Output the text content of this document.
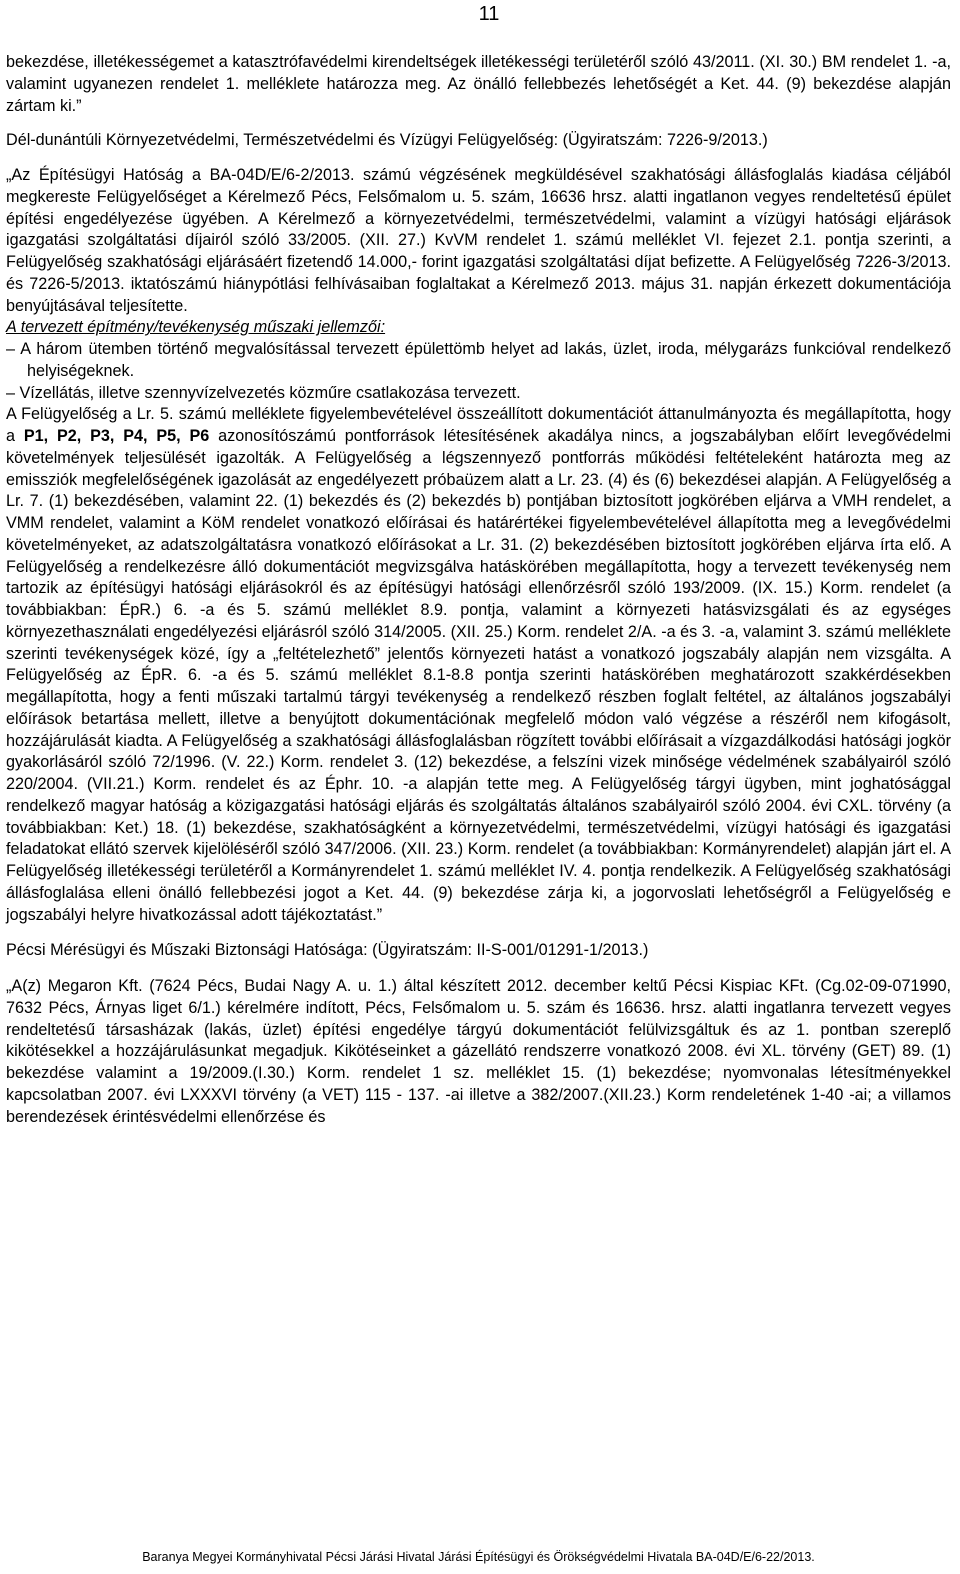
11

bekezdése, illetékességemet a katasztrófavédelmi kirendeltségek illetékességi területéről szóló 43/2011. (XI. 30.) BM rendelet 1. -a, valamint ugyanezen rendelet 1. melléklete határozza meg. Az önálló fellebbezés lehetőségét a Ket. 44. (9) bekezdése alapján zártam ki.”

Dél-dunántúli Környezetvédelmi, Természetvédelmi és Vízügyi Felügyelőség: (Ügyiratszám: 7226-9/2013.)

„Az Építésügyi Hatóság a BA-04D/E/6-2/2013. számú végzésének megküldésével szakhatósági állásfoglalás kiadása céljából megkereste Felügyelőséget a Kérelmező Pécs, Felsőmalom u. 5. szám, 16636 hrsz. alatti ingatlanon vegyes rendeltetésű épület építési engedélyezése ügyében. A Kérelmező a környezetvédelmi, természetvédelmi, valamint a vízügyi hatósági eljárások igazgatási szolgáltatási díjairól szóló 33/2005. (XII. 27.) KvVM rendelet 1. számú melléklet VI. fejezet 2.1. pontja szerinti, a Felügyelőség szakhatósági eljárásáért fizetendő 14.000,- forint igazgatási szolgáltatási díjat befizette. A Felügyelőség 7226-3/2013. és 7226-5/2013. iktatószámú hiánypótlási felhívásaiban foglaltakat a Kérelmező 2013. május 31. napján érkezett dokumentációja benyújtásával teljesítette.

A tervezett építmény/tevékenység műszaki jellemzői:

– A három ütemben történő megvalósítással tervezett épülettömb helyet ad lakás, üzlet, iroda, mélygarázs funkcióval rendelkező helyiségeknek.

– Vízellátás, illetve szennyvízelvezetés közműre csatlakozása tervezett.

A Felügyelőség a Lr. 5. számú melléklete figyelembevételével összeállított dokumentációt áttanulmányozta és megállapította, hogy a P1, P2, P3, P4, P5, P6 azonosítószámú pontforrások létesítésének akadálya nincs, a jogszabályban előírt levegővédelmi követelmények teljesülését igazolták. A Felügyelőség a légszennyező pontforrás működési feltételeként határozta meg az emissziók megfelelőségének igazolását az engedélyezett próbaüzem alatt a Lr. 23. (4) és (6) bekezdései alapján. A Felügyelőség a Lr. 7. (1) bekezdésében, valamint 22. (1) bekezdés és (2) bekezdés b) pontjában biztosított jogkörében eljárva a VMH rendelet, a VMM rendelet, valamint a KöM rendelet vonatkozó előírásai és határértékei figyelembevételével állapította meg a levegővédelmi követelményeket, az adatszolgáltatásra vonatkozó előírásokat a Lr. 31. (2) bekezdésében biztosított jogkörében eljárva írta elő. A Felügyelőség a rendelkezésre álló dokumentációt megvizsgálva hatáskörében megállapította, hogy a tervezett tevékenység nem tartozik az építésügyi hatósági eljárásokról és az építésügyi hatósági ellenőrzésről szóló 193/2009. (IX. 15.) Korm. rendelet (a továbbiakban: ÉpR.) 6. -a és 5. számú melléklet 8.9. pontja, valamint a környezeti hatásvizsgálati és az egységes környezethasználati engedélyezési eljárásról szóló 314/2005. (XII. 25.) Korm. rendelet 2/A. -a és 3. -a, valamint 3. számú melléklete szerinti tevékenységek közé, így a „feltételezhető” jelentős környezeti hatást a vonatkozó jogszabály alapján nem vizsgálta. A Felügyelőség az ÉpR. 6. -a és 5. számú melléklet 8.1-8.8 pontja szerinti hatáskörében meghatározott szakkérdésekben megállapította, hogy a fenti műszaki tartalmú tárgyi tevékenység a rendelkező részben foglalt feltétel, az általános jogszabályi előírások betartása mellett, illetve a benyújtott dokumentációnak megfelelő módon való végzése a részéről nem kifogásolt, hozzájárulását kiadta. A Felügyelőség a szakhatósági állásfoglalásban rögzített további előírásait a vízgazdálkodási hatósági jogkör gyakorlásáról szóló 72/1996. (V. 22.) Korm. rendelet 3. (12) bekezdése, a felszíni vizek minősége védelmének szabályairól szóló 220/2004. (VII.21.) Korm. rendelet és az Éphr. 10. -a alapján tette meg. A Felügyelőség tárgyi ügyben, mint joghatósággal rendelkező magyar hatóság a közigazgatási hatósági eljárás és szolgáltatás általános szabályairól szóló 2004. évi CXL. törvény (a továbbiakban: Ket.) 18. (1) bekezdése, szakhatóságként a környezetvédelmi, természetvédelmi, vízügyi hatósági és igazgatási feladatokat ellátó szervek kijelöléséről szóló 347/2006. (XII. 23.) Korm. rendelet (a továbbiakban: Kormányrendelet) alapján járt el. A Felügyelőség illetékességi területéről a Kormányrendelet 1. számú melléklet IV. 4. pontja rendelkezik. A Felügyelőség szakhatósági állásfoglalása elleni önálló fellebbezési jogot a Ket. 44. (9) bekezdése zárja ki, a jogorvoslati lehetőségről a Felügyelőség e jogszabályi helyre hivatkozással adott tájékoztatást.”

Pécsi Mérésügyi és Műszaki Biztonsági Hatósága: (Ügyiratszám: II-S-001/01291-1/2013.)

„A(z) Megaron Kft. (7624 Pécs, Budai Nagy A. u. 1.) által készített 2012. december keltű Pécsi Kispiac KFt. (Cg.02-09-071990, 7632 Pécs, Árnyas liget 6/1.) kérelmére indított, Pécs, Felsőmalom u. 5. szám és 16636. hrsz. alatti ingatlanra tervezett vegyes rendeltetésű társasházak (lakás, üzlet) építési engedélye tárgyú dokumentációt felülvizsgáltuk és az 1. pontban szereplő kikötésekkel a hozzájárulásunkat megadjuk. Kikötéseinket a gázellátó rendszerre vonatkozó 2008. évi XL. törvény (GET) 89. (1) bekezdése valamint a 19/2009.(I.30.) Korm. rendelet 1 sz. melléklet 15. (1) bekezdése; nyomvonalas létesítményekkel kapcsolatban 2007. évi LXXXVI törvény (a VET) 115 - 137. -ai illetve a 382/2007.(XII.23.) Korm rendeletének 1-40 -ai; a villamos berendezések érintésvédelmi ellenőrzése és

Baranya Megyei Kormányhivatal Pécsi Járási Hivatal Járási Építésügyi és Örökségvédelmi Hivatala BA-04D/E/6-22/2013.
